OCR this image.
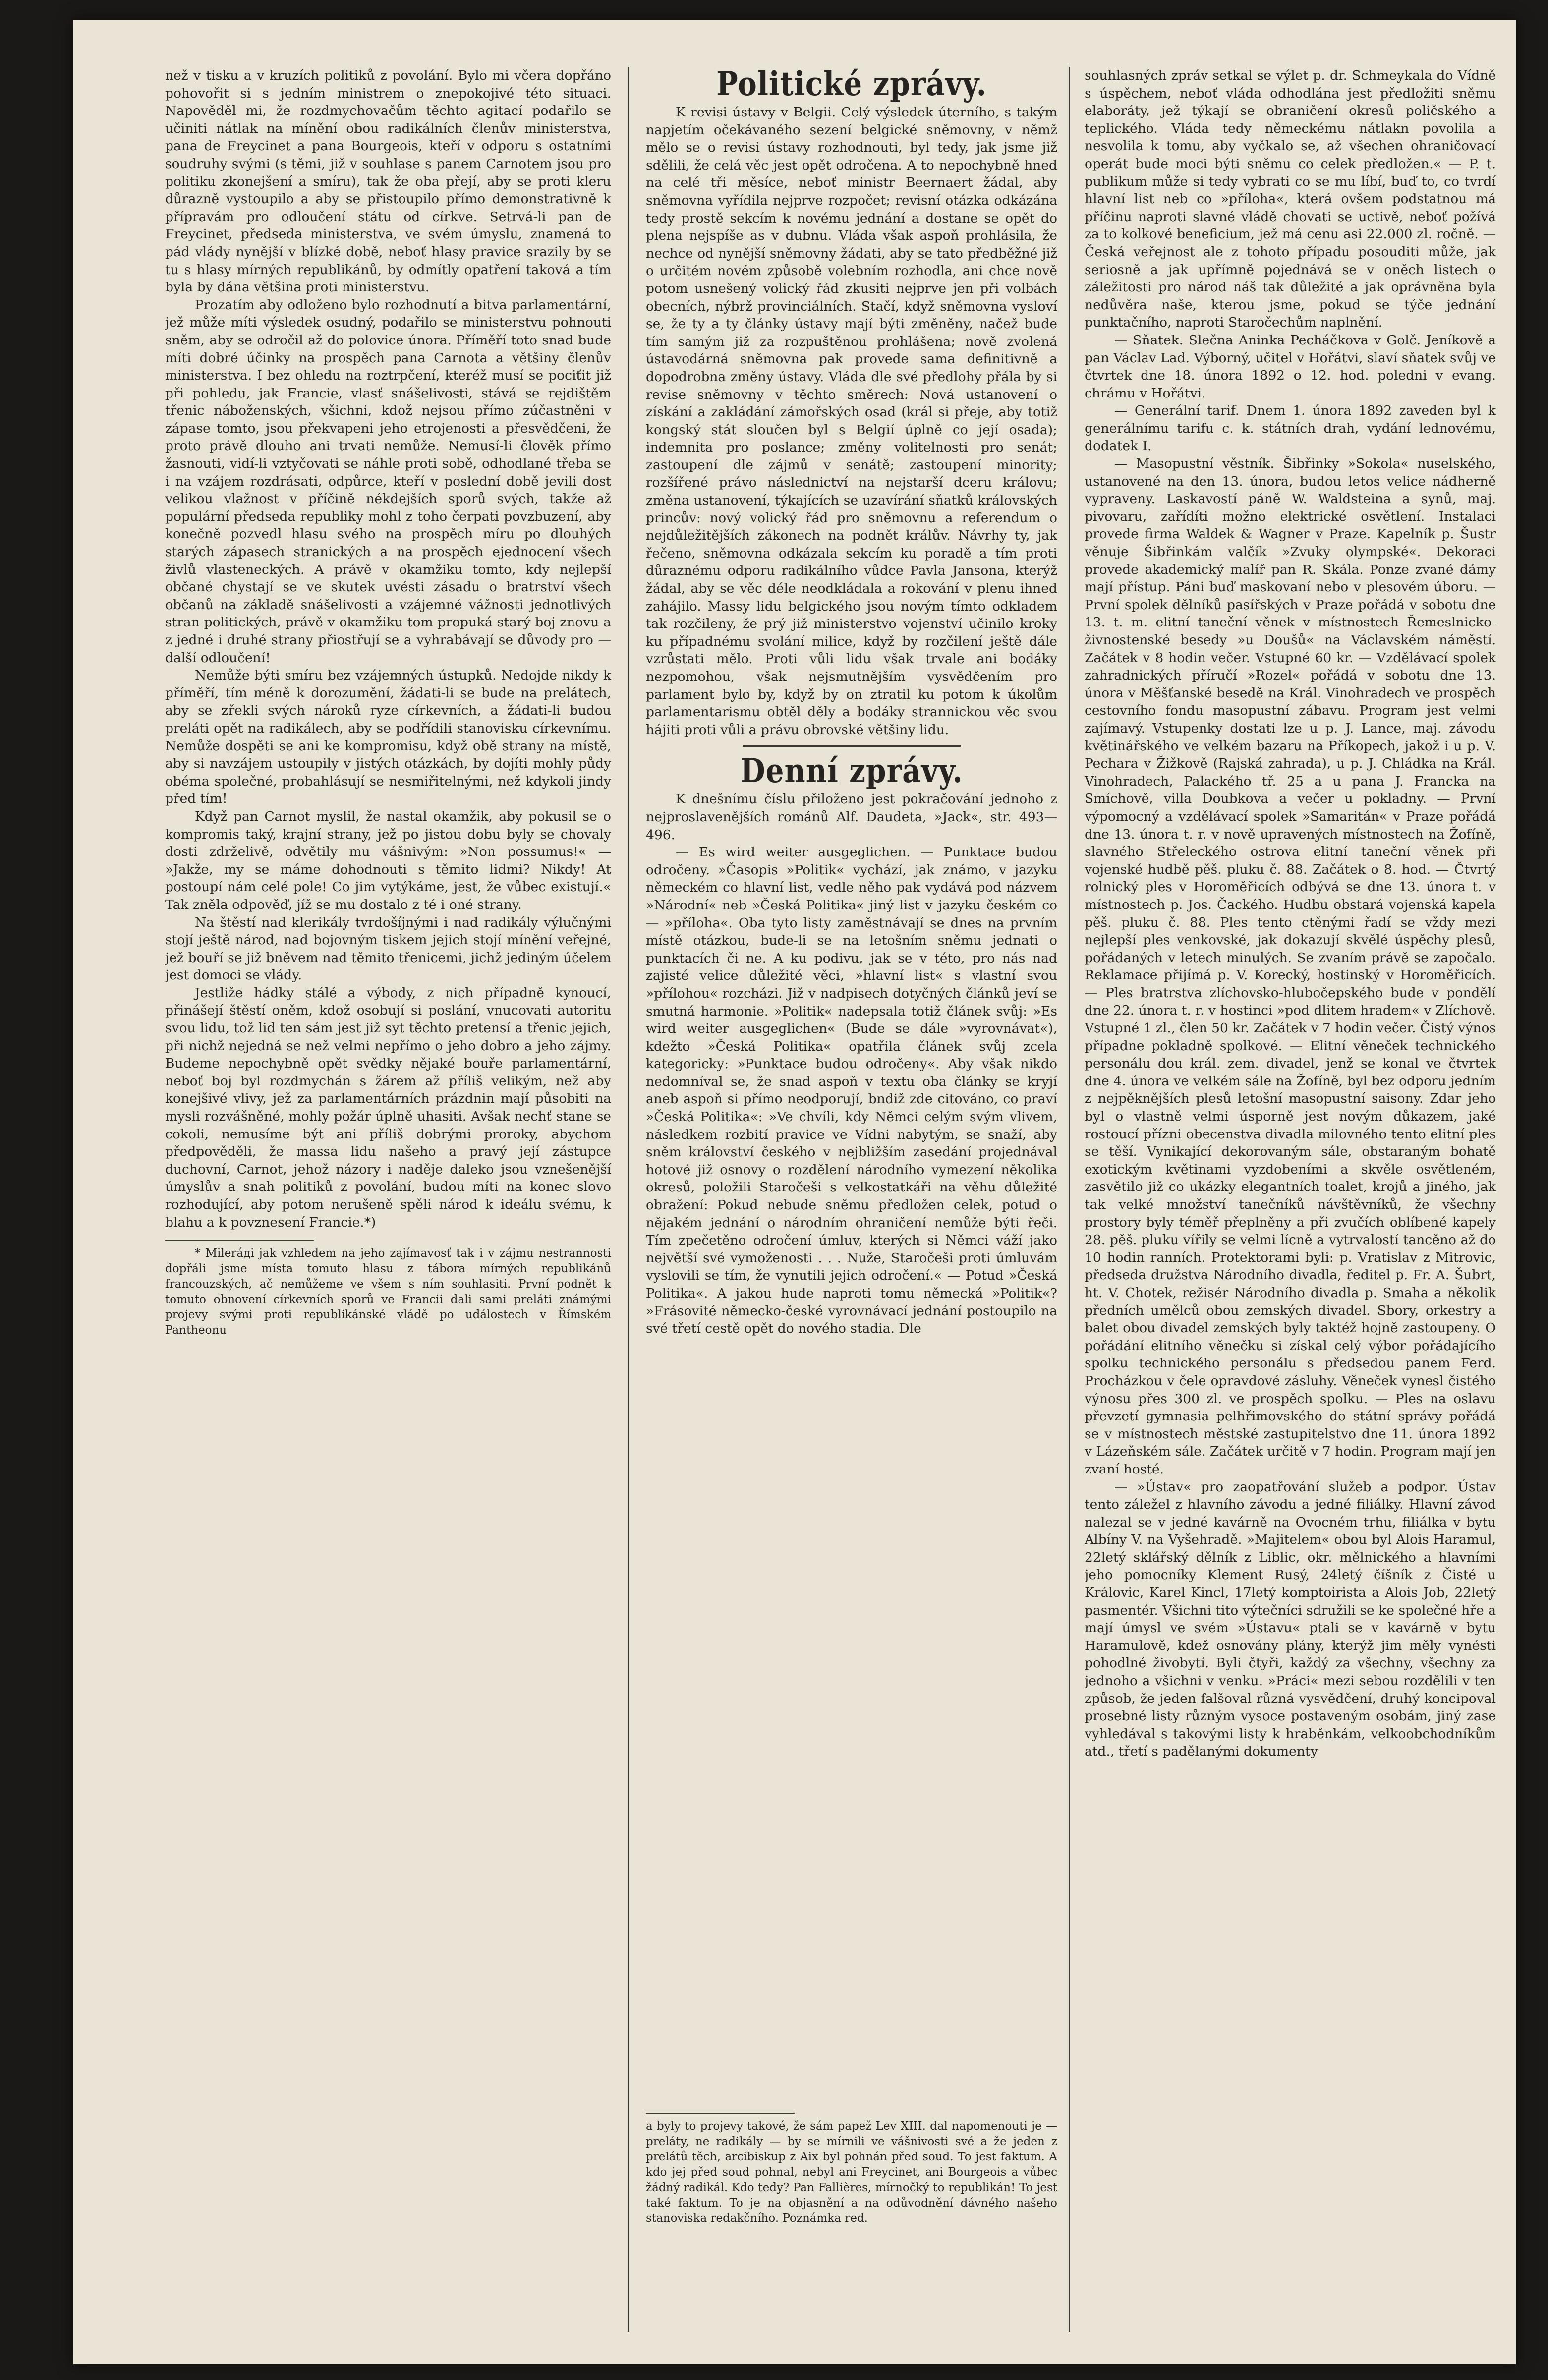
než v tisku a v kruzích politiků z povolání. Bylo mi včera dopřáno pohovořit si s jedním ministrem o znepokojivé této situaci. Napověděl mi, že rozdmychovačům těchto agitací podařilo se učiniti nátlak na mínění obou radikálních členův ministerstva, pana de Freycinet a pana Bourgeois, kteří v odporu s ostatními soudruhy svými (s těmi, již v souhlase s panem Carnotem jsou pro politiku zkonejšení a smíru), tak že oba přejí, aby se proti kleru důrazně vystoupilo a aby se přistoupilo přímo demonstrativně k přípravám pro odloučení státu od církve. Setrvá-li pan de Freycinet, předseda ministerstva, ve svém úmyslu, znamená to pád vlády nynější v blízké době, neboť hlasy pravice srazily by se tu s hlasy mírných republikánů, by odmítly opatření taková a tím byla by dána většina proti ministerstvu.

Prozatím aby odloženo bylo rozhodnutí a bitva parlamentární, jež může míti výsledek osudný, podařilo se ministerstvu pohnouti sněm, aby se odročil až do polovice února. Příměří toto snad bude míti dobré účinky na prospěch pana Carnota a většiny členův ministerstva. I bez ohledu na roztrpčení, kteréž musí se pociťit již při pohledu, jak Francie, vlasť snášelivosti, stává se rejdištěm třenic náboženských, všichni, kdož nejsou přímo zúčastněni v zápase tomto, jsou překvapeni jeho etrojenosti a přesvědčeni, že proto právě dlouho ani trvati nemůže. Nemusí-li člověk přímo žasnouti, vidí-li vztyčovati se náhle proti sobě, odhodlané třeba se i na vzájem rozdrásati, odpůrce, kteří v poslední době jevili dost velikou vlažnost v příčině nékdejších sporů svých, takže až populární předseda republiky mohl z toho čerpati povzbuzení, aby konečně pozvedl hlasu svého na prospěch míru po dlouhých starých zápasech stranických a na prospěch ejednocení všech živlů vlasteneckých. A právě v okamžiku tomto, kdy nejlepší občané chystají se ve skutek uvésti zásadu o bratrství všech občanů na základě snášelivosti a vzájemné vážnosti jednotlivých stran politických, právě v okamžiku tom propuká starý boj znovu a z jedné i druhé strany přiostřují se a vyhrabávají se důvody pro — další odloučení!

Nemůže býti smíru bez vzájemných ústupků. Nedojde nikdy k příměří, tím méně k dorozumění, žádati-li se bude na prelátech, aby se zřekli svých nároků ryze církevních, a žádati-li budou preláti opět na radikálech, aby se podřídili stanovisku církevnímu. Nemůže dospěti se ani ke kompromisu, když obě strany na místě, aby si navzájem ustoupily v jistých otázkách, by dojíti mohly půdy obéma společné, probahlásují se nesmiřitelnými, než kdykoli jindy před tím!

Když pan Carnot myslil, že nastal okamžik, aby pokusil se o kompromis taký, krajní strany, jež po jistou dobu byly se chovaly dosti zdrželivě, odvětily mu vášnivým: »Non possumus!« — »Jakže, my se máme dohodnouti s těmito lidmi? Nikdy! At postoupí nám celé pole! Co jim vytýkáme, jest, že vůbec existují.« Tak zněla odpověď, jíž se mu dostalo z té i oné strany.

Na štěstí nad klerikály tvrdošíjnými i nad radikály výlučnými stojí ještě národ, nad bojovným tiskem jejich stojí mínění veřejné, jež bouří se již bněvem nad těmito třenicemi, jichž jediným účelem jest domoci se vlády.

Jestliže hádky stálé a výbody, z nich případně kynoucí, přinášejí štěstí oněm, kdož osobují si poslání, vnucovati autoritu svou lidu, tož lid ten sám jest již syt těchto pretensí a třenic jejich, při nichž nejedná se než velmi nepřímo o jeho dobro a jeho zájmy. Budeme nepochybně opět svědky nějaké bouře parlamentární, neboť boj byl rozdmychán s žárem až příliš velikým, než aby konejšivé vlivy, jež za parlamentárních prázdnin mají působiti na mysli rozvášněné, mohly požár úplně uhasiti. Avšak nechť stane se cokoli, nemusíme být ani příliš dobrými proroky, abychom předpověděli, že massa lidu našeho a pravý její zástupce duchovní, Carnot, jehož názory i naděje daleko jsou vznešenější úmyslův a snah politiků z povolání, budou míti na konec slovo rozhodující, aby potom nerušeně spěli národ k ideálu svému, k blahu a k povznesení Francie.*)

* Mileráді jak vzhledem na jeho zajímavosť tak i v zájmu nestrannosti dopřáli jsme místa tomuto hlasu z tábora mírných republikánů francouzských, ač nemůžeme ve všem s ním souhlasiti. První podnět k tomuto obnovení církevních sporů ve Francii dali sami preláti známými projevy svými proti republikánské vládě po událostech v Římském Pantheonu

Politické zprávy.

K revisi ústavy v Belgii. Celý výsledek úterního, s takým napjetím očekávaného sezení belgické sněmovny, v němž mělo se o revisi ústavy rozhodnouti, byl tedy, jak jsme již sdělili, že celá věc jest opět odročena. A to nepochybně hned na celé tři měsíce, neboť ministr Beernaert žádal, aby sněmovna vyřídila nejprve rozpočet; revisní otázka odkázána tedy prostě sekcím k novému jednání a dostane se opět do plena nejspíše as v dubnu. Vláda však aspoň prohlásila, že nechce od nynější sněmovny žádati, aby se tato předběžné již o určitém novém způsobě volebním rozhodla, ani chce nově potom usnešený volický řád zkusiti nejprve jen při volbách obecních, nýbrž provinciálních. Stačí, když sněmovna vysloví se, že ty a ty články ústavy mají býti změněny, načež bude tím samým již za rozpuštěnou prohlášena; nově zvolená ústavodárná sněmovna pak provede sama definitivně a dopodrobna změny ústavy. Vláda dle své předlohy přála by si revise sněmovny v těchto směrech: Nová ustanovení o získání a zakládání zámořských osad (král si přeje, aby totiž kongský stát sloučen byl s Belgií úplně co její osada); indemnita pro poslance; změny volitelnosti pro senát; zastoupení dle zájmů v senátě; zastoupení minority; rozšířené právo následnictví na nejstarší dceru královu; změna ustanovení, týkajících se uzavírání sňatků královských princův: nový volický řád pro sněmovnu a referendum o nejdůležitějších zákonech na podnět králův. Návrhy ty, jak řečeno, sněmovna odkázala sekcím ku poradě a tím proti důraznému odporu radikálního vůdce Pavla Jansona, kterýž žádal, aby se věc déle neodkládala a rokování v plenu ihned zahájilo. Massy lidu belgického jsou novým tímto odkladem tak rozčileny, že prý již ministerstvo vojenství učinilo kroky ku případnému svolání milice, když by rozčilení ještě dále vzrůstati mělo. Proti vůli lidu však trvale ani bodáky nezpomohou, však nejsmutnějším vysvědčením pro parlament bylo by, když by on ztratil ku potom k úkolům parlamentarismu obtěl děly a bodáky strannickou věc svou hájiti proti vůli a právu obrovské většiny lidu.

Denní zprávy.

K dnešnímu číslu přiloženo jest pokračování jednoho z nejproslavenějších románů Alf. Daudeta, »Jack«, str. 493—496.

— Es wird weiter ausgeglichen. — Punktace budou odročeny. »Časopis »Politik« vychází, jak známo, v jazyku německém co hlavní list, vedle něho pak vydává pod názvem »Národní« neb »Česká Politika« jiný list v jazyku českém co — »příloha«. Oba tyto listy zaměstnávají se dnes na prvním místě otázkou, bude-li se na letošním sněmu jednati o punktacích či ne. A ku podivu, jak se v této, pro nás nad zajisté velice důležité věci, »hlavní list« s vlastní svou »přílohou« rozcházi. Již v nadpisech dotyčných článků jeví se smutná harmonie. »Politik« nadepsala totiž článek svůj: »Es wird weiter ausgeglichen« (Bude se dále »vyrovnávat«), kdežto »Česká Politika« opatřila článek svůj zcela kategoricky: »Punktace budou odročeny«. Aby však nikdo nedomníval se, že snad aspoň v textu oba články se kryjí aneb aspoň si přímo neodporují, bndiž zde citováno, co praví »Česká Politika«: »Ve chvíli, kdy Němci celým svým vlivem, následkem rozbití pravice ve Vídni nabytým, se snaží, aby sněm království českého v nejbližším zasedání projednával hotové již osnovy o rozdělení národního vymezení několika okresů, položili Staročeši s velkostatkáři na věhu důležité obražení: Pokud nebude sněmu předložen celek, potud o nějakém jednání o národním ohraničení nemůže býti řeči. Tím zpečetěno odročení úmluv, kterých si Němci váží jako největší své vymoženosti . . . Nuže, Staročeši proti úmluvám vyslovili se tím, že vynutili jejich odročení.« — Potud »Česká Politika«. A jakou hude naproti tomu německá »Politik«? »Frásovité německo-české vyrovnávací jednání postoupilo na své třetí cestě opět do nového stadia. Dle

a byly to projevy takové, že sám papež Lev XIII. dal napomenouti je — preláty, ne radikály — by se mírnili ve vášnivosti své a že jeden z prelátů těch, arcibiskup z Aix byl pohnán před soud. To jest faktum. A kdo jej před soud pohnal, nebyl ani Freycinet, ani Bourgeois a vůbec žádný radikál. Kdo tedy? Pan Fallières, mírnočký to republikán! To jest také faktum. To je na objasnění a na odůvodnění dávného našeho stanoviska redakčního. Poznámka red.

souhlasných zpráv setkal se výlet p. dr. Schmeykala do Vídně s úspěchem, neboť vláda odhodlána jest předložiti sněmu elaboráty, jež týkají se obraničení okresů poličského a teplického. Vláda tedy německému nátlakn povolila a nesvolila k tomu, aby vyčkalo se, až všechen ohraničovací operát bude moci býti sněmu co celek předložen.« — P. t. publikum může si tedy vybrati co se mu líbí, buď to, co tvrdí hlavní list neb co »příloha«, která ovšem podstatnou má příčinu naproti slavné vládě chovati se uctivě, neboť požívá za to kolkové beneficium, jež má cenu asi 22.000 zl. ročně. — Česká veřejnost ale z tohoto případu posouditi může, jak seriosně a jak upřímně pojednává se v oněch listech o záležitosti pro národ náš tak důležité a jak oprávněna byla nedůvěra naše, kterou jsme, pokud se týče jednání punktačního, naproti Staročechům naplnění.

— Sňatek. Slečna Aninka Pecháčkova v Golč. Jeníkově a pan Václav Lad. Výborný, učitel v Hořátvi, slaví sňatek svůj ve čtvrtek dne 18. února 1892 o 12. hod. poledni v evang. chrámu v Hořátvi.

— Generální tarif. Dnem 1. února 1892 zaveden byl k generálnímu tarifu c. k. státních drah, vydání lednovému, dodatek I.

— Masopustní věstník. Šibřinky »Sokola« nuselského, ustanovené na den 13. února, budou letos velice nádherně vypraveny. Laskavostí páně W. Waldsteina a synů, maj. pivovaru, zařídíti možno elektrické osvětlení. Instalaci provede firma Waldek & Wagner v Praze. Kapelník p. Šustr věnuje Šibřinkám valčík »Zvuky olympské«. Dekoraci provede akademický malíř pan R. Skála. Ponze zvané dámy mají přístup. Páni buď maskovaní nebo v plesovém úboru. — První spolek dělníků pasířských v Praze pořádá v sobotu dne 13. t. m. elitní taneční věnek v místnostech Řemeslnicko-živnostenské besedy »u Doušů« na Václavském náměstí. Začátek v 8 hodin večer. Vstupné 60 kr. — Vzdělávací spolek zahradnických příručí »Rozel« pořádá v sobotu dne 13. února v Měšťanské besedě na Král. Vinohradech ve prospěch cestovního fondu masopustní zábavu. Program jest velmi zajímavý. Vstupenky dostati lze u p. J. Lance, maj. závodu květinářského ve velkém bazaru na Příkopech, jakož i u p. V. Pechara v Žižkově (Rajská zahrada), u p. J. Chládka na Král. Vinohradech, Palackého tř. 25 a u pana J. Francka na Smíchově, villa Doubkova a večer u pokladny. — První výpomocný a vzdělávací spolek »Samaritán« v Praze pořádá dne 13. února t. r. v nově upravených místnostech na Žofíně, slavného Střeleckého ostrova elitní taneční věnek při vojenské hudbě pěš. pluku č. 88. Začátek o 8. hod. — Čtvrtý rolnický ples v Horoměřicích odbývá se dne 13. února t. v místnostech p. Jos. Čackého. Hudbu obstará vojenská kapela pěš. pluku č. 88. Ples tento ctěnými řadí se vždy mezi nejlepší ples venkovské, jak dokazují skvělé úspěchy plesů, pořádaných v letech minulých. Se zvaním právě se započalo. Reklamace přijímá p. V. Korecký, hostinský v Horoměřicích. — Ples bratrstva zlíchovsko-hlubočepského bude v pondělí dne 22. února t. r. v hostinci »pod dlitem hradem« v Zlíchově. Vstupné 1 zl., člen 50 kr. Začátek v 7 hodin večer. Čistý výnos případne pokladně spolkové. — Elitní věneček technického personálu dou král. zem. divadel, jenž se konal ve čtvrtek dne 4. února ve velkém sále na Žofíně, byl bez odporu jedním z nejpěknějších plesů letošní masopustní saisony. Zdar jeho byl o vlastně velmi úsporně jest novým důkazem, jaké rostoucí přízni obecenstva divadla milovného tento elitní ples se těší. Vynikající dekorovaným sále, obstaraným bohatě exotickým květinami vyzdobeními a skvěle osvětleném, zasvětilo již co ukázky elegantních toalet, krojů a jiného, jak tak velké množství tanečníků návštěvníků, že všechny prostory byly téměř přeplněny a při zvučích oblíbené kapely 28. pěš. pluku vířily se velmi lícně a vytrvalostí tancěno až do 10 hodin ranních. Protektorami byli: p. Vratislav z Mitrovic, předseda družstva Národního divadla, ředitel p. Fr. A. Šubrt, ht. V. Chotek, režisér Národního divadla p. Smaha a několik předních umělců obou zemských divadel. Sbory, orkestry a balet obou divadel zemských byly taktéž hojně zastoupeny. O pořádání elitního věnečku si získal celý výbor pořádajícího spolku technického personálu s předsedou panem Ferd. Procházkou v čele opravdové zásluhy. Věneček vynesl čistého výnosu přes 300 zl. ve prospěch spolku. — Ples na oslavu převzetí gymnasia pelhřimovského do státní správy pořádá se v místnostech městské zastupitelstvo dne 11. února 1892 v Lázeňském sále. Začátek určitě v 7 hodin. Program mají jen zvaní hosté.

— »Ústav« pro zaopatřování služeb a podpor. Ústav tento záležel z hlavního závodu a jedné filiálky. Hlavní závod nalezal se v jedné kavárně na Ovocném trhu, filiálka v bytu Albíny V. na Vyšehradě. »Majitelem« obou byl Alois Haramul, 22letý sklářský dělník z Liblic, okr. mělnického a hlavními jeho pomocníky Klement Rusý, 24letý číšník z Čisté u Královic, Karel Kincl, 17letý komptoirista a Alois Job, 22letý pasmentér. Všichni tito výtečníci sdružili se ke společné hře a mají úmysl ve svém »Ústavu« ptali se v kavárně v bytu Haramulově, kdež osnovány plány, kterýž jim měly vynésti pohodlné živobytí. Byli čtyři, každý za všechny, všechny za jednoho a všichni v venku. »Práci« mezi sebou rozdělili v ten způsob, že jeden falšoval různá vysvědčení, druhý koncipoval prosebné listy různým vysoce postaveným osobám, jiný zase vyhledával s takovými listy k hraběnkám, velkoobchodníkům atd., třetí s padělanými dokumenty
